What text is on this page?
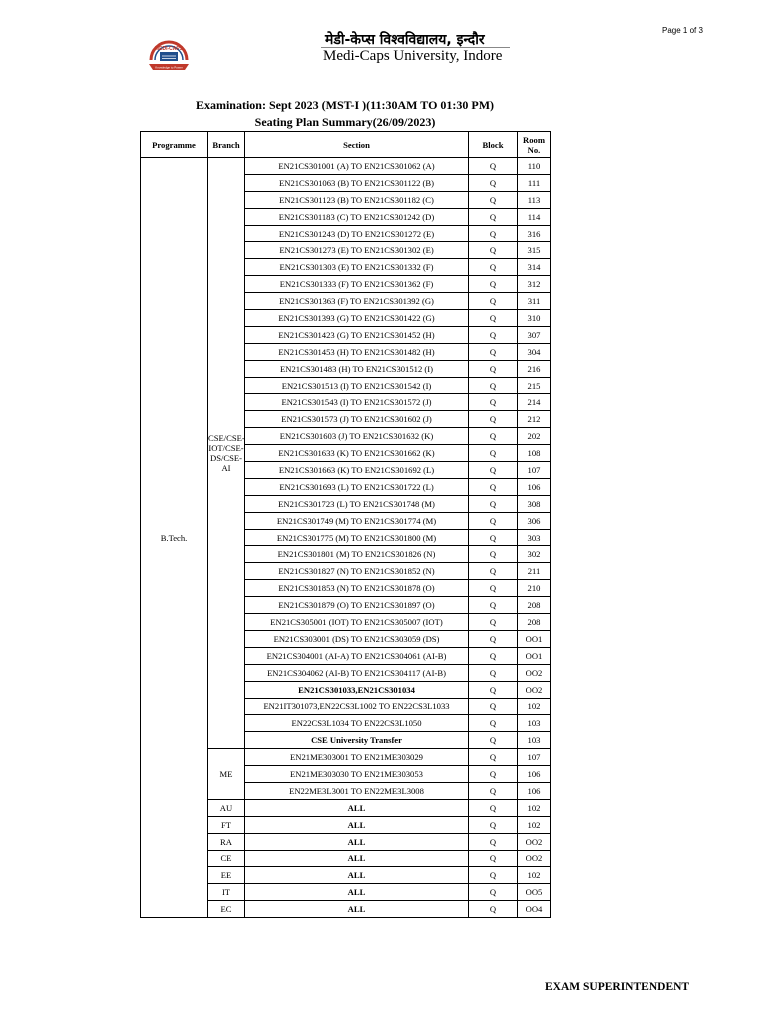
Page 1 of 3
MEDI-CAPS
Knowledge to Power
मेडी-केप्स विश्वविद्यालय, इन्दौर
Medi-Caps University, Indore
Examination: Sept 2023 (MST-I )(11:30AM TO 01:30 PM)
Seating Plan Summary(26/09/2023)
Programme	Branch	Section	Block	Room No.
B.Tech.	CSE/CSE-IOT/CSE-DS/CSE-AI	EN21CS301001 (A) TO EN21CS301062 (A)	Q	110
		EN21CS301063 (B) TO EN21CS301122 (B)	Q	111
		EN21CS301123 (B) TO EN21CS301182 (C)	Q	113
		EN21CS301183 (C) TO EN21CS301242 (D)	Q	114
		EN21CS301243 (D) TO EN21CS301272 (E)	Q	316
		EN21CS301273 (E) TO EN21CS301302 (E)	Q	315
		EN21CS301303 (E) TO EN21CS301332 (F)	Q	314
		EN21CS301333 (F) TO EN21CS301362 (F)	Q	312
		EN21CS301363 (F) TO EN21CS301392 (G)	Q	311
		EN21CS301393 (G) TO EN21CS301422 (G)	Q	310
		EN21CS301423 (G) TO EN21CS301452 (H)	Q	307
		EN21CS301453 (H) TO EN21CS301482 (H)	Q	304
		EN21CS301483 (H) TO EN21CS301512 (I)	Q	216
		EN21CS301513 (I) TO EN21CS301542 (I)	Q	215
		EN21CS301543 (I) TO EN21CS301572 (J)	Q	214
		EN21CS301573 (J) TO EN21CS301602 (J)	Q	212
		EN21CS301603 (J) TO EN21CS301632 (K)	Q	202
		EN21CS301633 (K) TO EN21CS301662 (K)	Q	108
		EN21CS301663 (K) TO EN21CS301692 (L)	Q	107
		EN21CS301693 (L) TO EN21CS301722 (L)	Q	106
		EN21CS301723 (L) TO EN21CS301748 (M)	Q	308
		EN21CS301749 (M) TO EN21CS301774 (M)	Q	306
		EN21CS301775 (M) TO EN21CS301800 (M)	Q	303
		EN21CS301801 (M) TO EN21CS301826 (N)	Q	302
		EN21CS301827 (N) TO EN21CS301852 (N)	Q	211
		EN21CS301853 (N) TO EN21CS301878 (O)	Q	210
		EN21CS301879 (O) TO EN21CS301897 (O)	Q	208
		EN21CS305001 (IOT) TO EN21CS305007 (IOT)	Q	208
		EN21CS303001 (DS) TO EN21CS303059 (DS)	Q	OO1
		EN21CS304001 (AI-A) TO EN21CS304061 (AI-B)	Q	OO1
		EN21CS304062 (AI-B) TO EN21CS304117 (AI-B)	Q	OO2
		EN21CS301033,EN21CS301034	Q	OO2
		EN21IT301073,EN22CS3L1002 TO EN22CS3L1033	Q	102
		EN22CS3L1034 TO EN22CS3L1050	Q	103
		CSE University Transfer	Q	103
	ME	EN21ME303001 TO EN21ME303029	Q	107
		EN21ME303030 TO EN21ME303053	Q	106
		EN22ME3L3001 TO EN22ME3L3008	Q	106
	AU	ALL	Q	102
	FT	ALL	Q	102
	RA	ALL	Q	OO2
	CE	ALL	Q	OO2
	EE	ALL	Q	102
	IT	ALL	Q	OO5
	EC	ALL	Q	OO4
EXAM SUPERINTENDENT
